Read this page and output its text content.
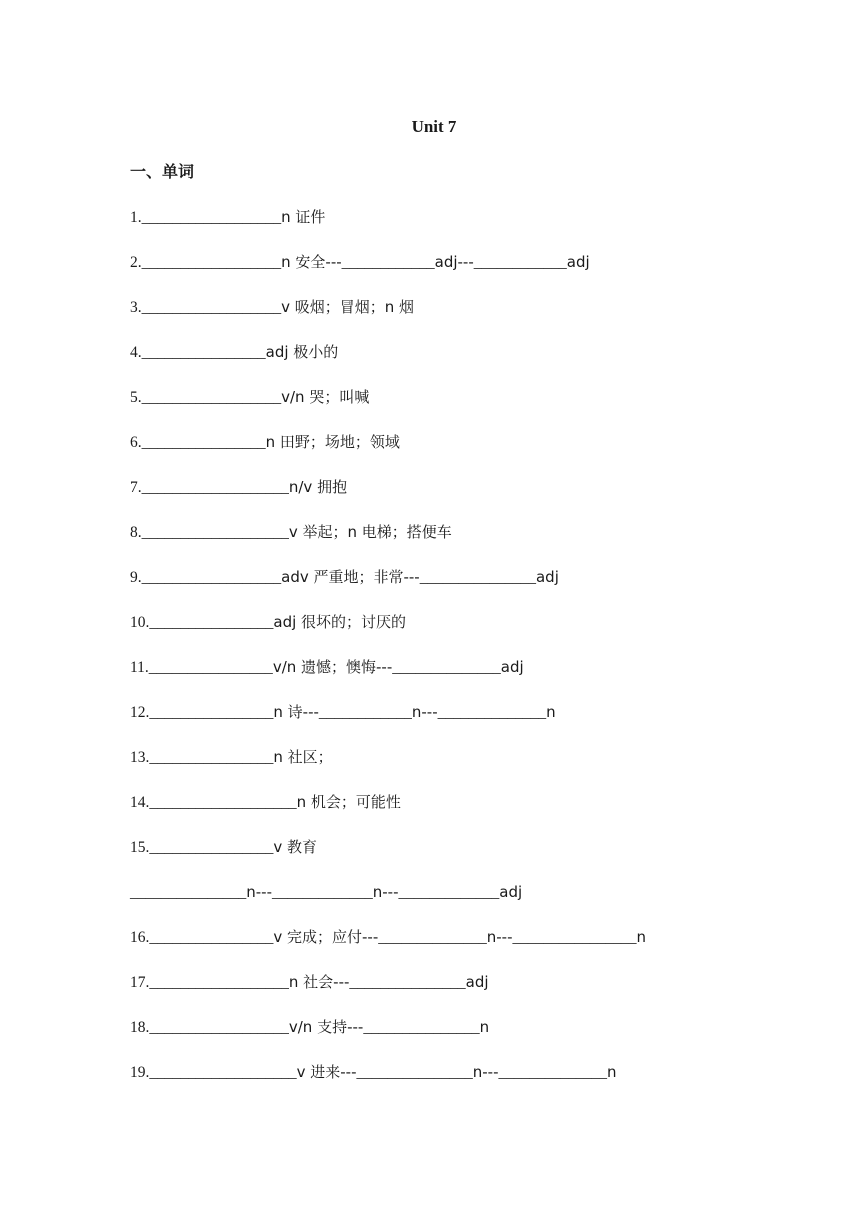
Unit 7
一、单词
1.__________________n 证件
2.__________________n 安全---____________adj---____________adj
3.__________________v 吸烟；冒烟；n 烟
4.________________adj 极小的
5.__________________v/n 哭；叫喊
6.________________n 田野；场地；领域
7.___________________n/v 拥抱
8.___________________v 举起；n 电梯；搭便车
9.__________________adv 严重地；非常---_______________adj
10.________________adj 很坏的；讨厌的
11.________________v/n 遗憾；懊悔---______________adj
12.________________n 诗---____________n---______________n
13.________________n 社区；
14.___________________n 机会；可能性
15.________________v 教育
_______________n---_____________n---_____________adj
16.________________v 完成；应付---______________n---________________n
17.__________________n 社会---_______________adj
18.__________________v/n 支持---_______________n
19.___________________v 进来---_______________n---______________n
